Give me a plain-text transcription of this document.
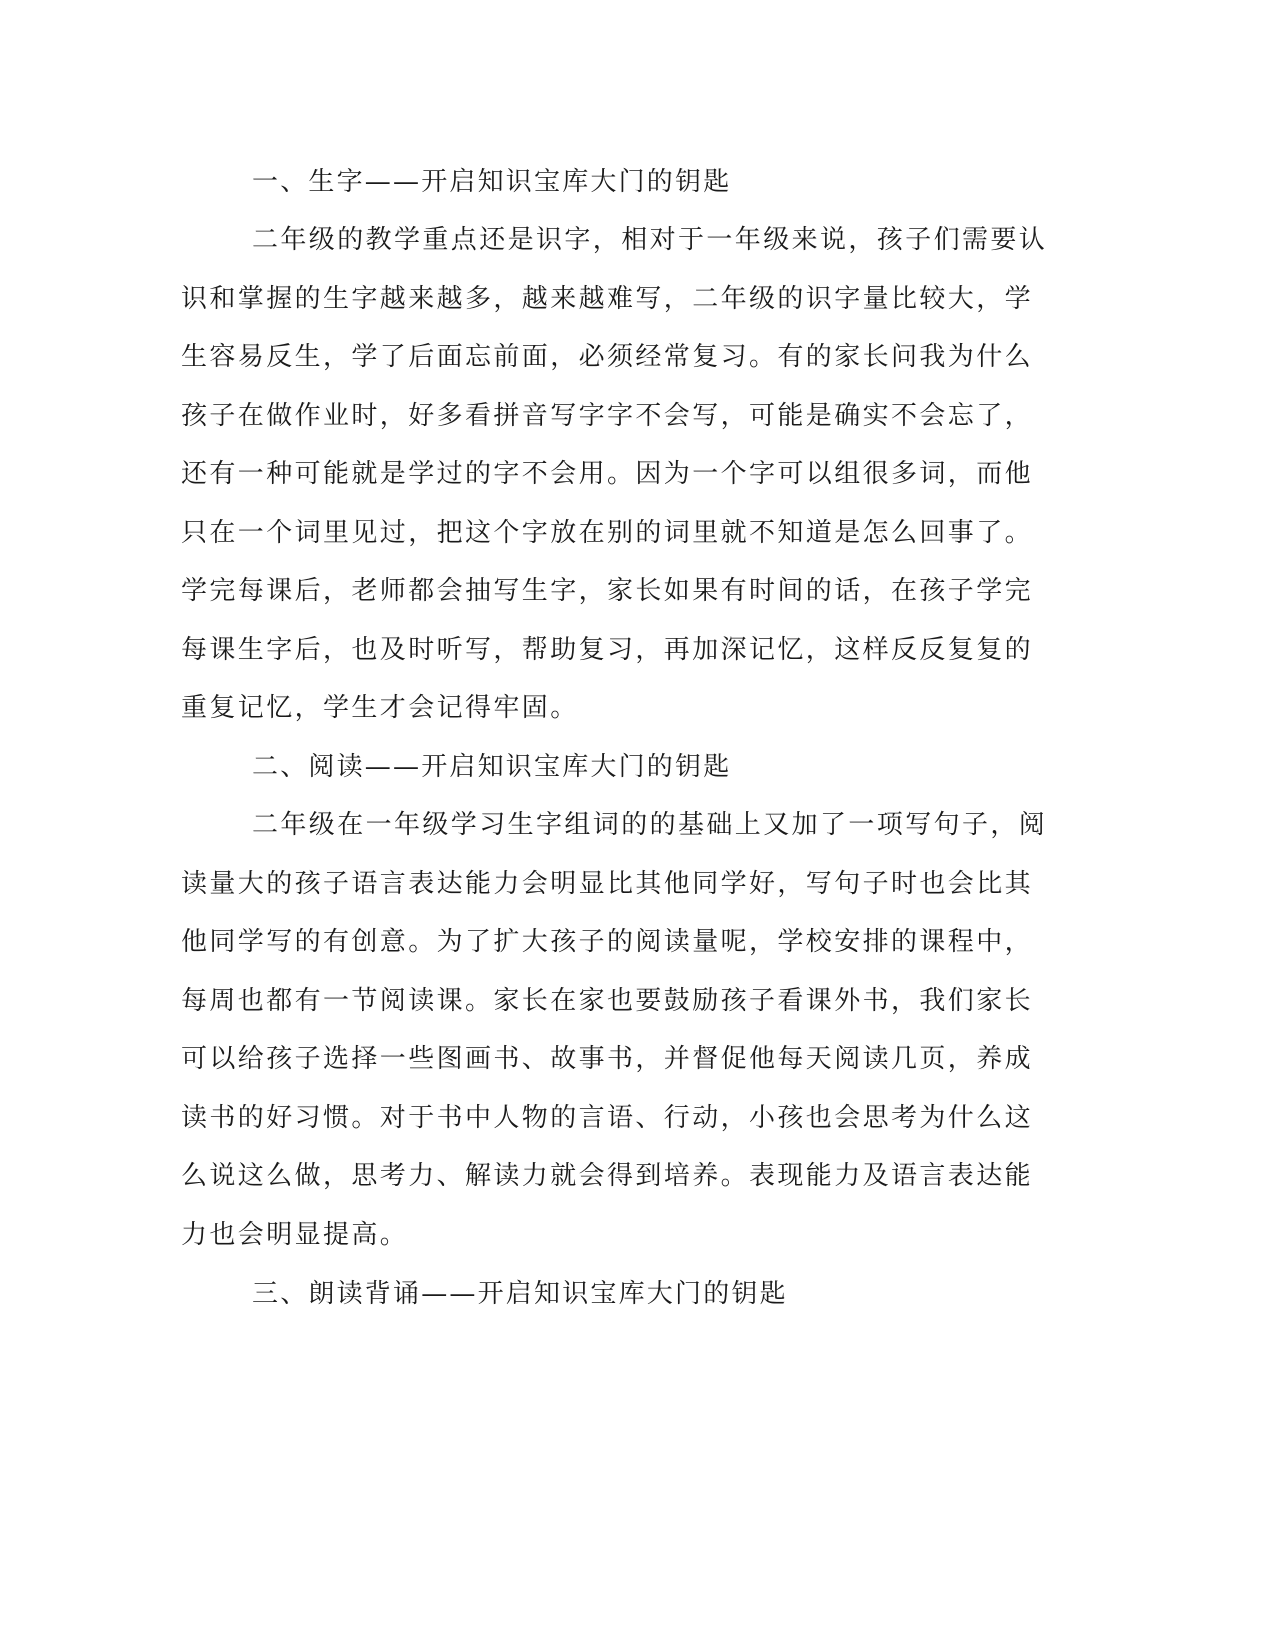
一、生字——开启知识宝库大门的钥匙

二年级的教学重点还是识字，相对于一年级来说，孩子们需要认

识和掌握的生字越来越多，越来越难写，二年级的识字量比较大，学

生容易反生，学了后面忘前面，必须经常复习。有的家长问我为什么

孩子在做作业时，好多看拼音写字字不会写，可能是确实不会忘了，

还有一种可能就是学过的字不会用。因为一个字可以组很多词，而他

只在一个词里见过，把这个字放在别的词里就不知道是怎么回事了。

学完每课后，老师都会抽写生字，家长如果有时间的话，在孩子学完

每课生字后，也及时听写，帮助复习，再加深记忆，这样反反复复的

重复记忆，学生才会记得牢固。

二、阅读——开启知识宝库大门的钥匙

二年级在一年级学习生字组词的的基础上又加了一项写句子，阅

读量大的孩子语言表达能力会明显比其他同学好，写句子时也会比其

他同学写的有创意。为了扩大孩子的阅读量呢，学校安排的课程中，

每周也都有一节阅读课。家长在家也要鼓励孩子看课外书，我们家长

可以给孩子选择一些图画书、故事书，并督促他每天阅读几页，养成

读书的好习惯。对于书中人物的言语、行动，小孩也会思考为什么这

么说这么做，思考力、解读力就会得到培养。表现能力及语言表达能

力也会明显提高。

三、朗读背诵——开启知识宝库大门的钥匙
